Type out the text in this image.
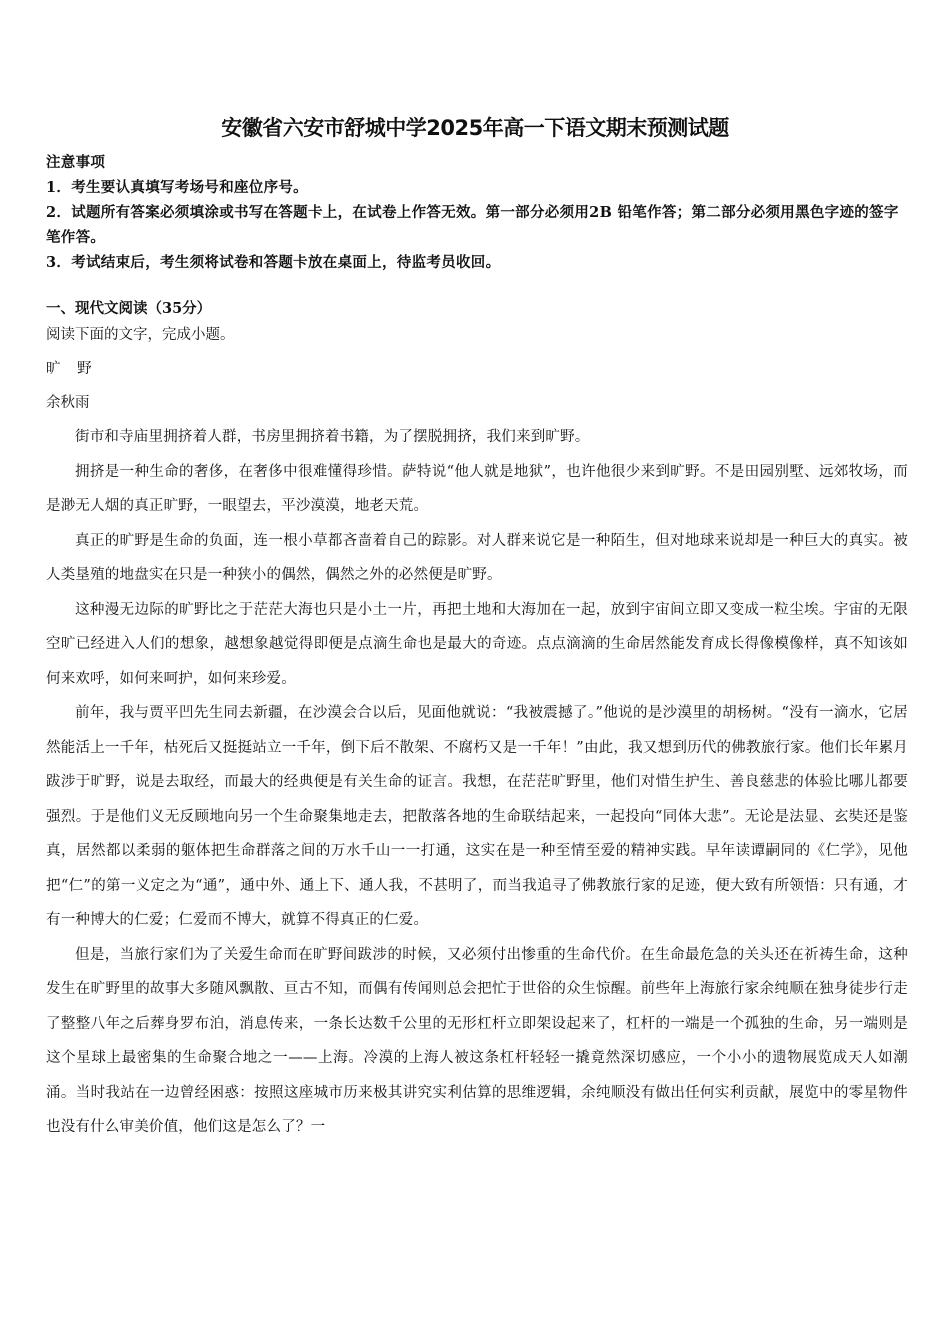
安徽省六安市舒城中学2025年高一下语文期末预测试题

注意事项

1．考生要认真填写考场号和座位序号。

2．试题所有答案必须填涂或书写在答题卡上，在试卷上作答无效。第一部分必须用2B 铅笔作答；第二部分必须用黑色字迹的签字笔作答。

3．考试结束后，考生须将试卷和答题卡放在桌面上，待监考员收回。

一、现代文阅读（35分）
阅读下面的文字，完成小题。
旷 野
余秋雨

街市和寺庙里拥挤着人群，书房里拥挤着书籍，为了摆脱拥挤，我们来到旷野。

拥挤是一种生命的奢侈，在奢侈中很难懂得珍惜。萨特说“他人就是地狱”，也许他很少来到旷野。不是田园别墅、远郊牧场，而是渺无人烟的真正旷野，一眼望去，平沙漠漠，地老天荒。

真正的旷野是生命的负面，连一根小草都吝啬着自己的踪影。对人群来说它是一种陌生，但对地球来说却是一种巨大的真实。被人类垦殖的地盘实在只是一种狭小的偶然，偶然之外的必然便是旷野。

这种漫无边际的旷野比之于茫茫大海也只是小土一片，再把土地和大海加在一起，放到宇宙间立即又变成一粒尘埃。宇宙的无限空旷已经进入人们的想象，越想象越觉得即便是点滴生命也是最大的奇迹。点点滴滴的生命居然能发育成长得像模像样，真不知该如何来欢呼，如何来呵护，如何来珍爱。

前年，我与贾平凹先生同去新疆，在沙漠会合以后，见面他就说：“我被震撼了。”他说的是沙漠里的胡杨树。“没有一滴水，它居然能活上一千年，枯死后又挺挺站立一千年，倒下后不散架、不腐朽又是一千年！”由此，我又想到历代的佛教旅行家。他们长年累月跋涉于旷野，说是去取经，而最大的经典便是有关生命的证言。我想，在茫茫旷野里，他们对惜生护生、善良慈悲的体验比哪儿都要强烈。于是他们义无反顾地向另一个生命聚集地走去，把散落各地的生命联结起来，一起投向“同体大悲”。无论是法显、玄奘还是鉴真，居然都以柔弱的躯体把生命群落之间的万水千山一一打通，这实在是一种至情至爱的精神实践。早年读谭嗣同的《仁学》，见他把“仁”的第一义定之为“通”，通中外、通上下、通人我，不甚明了，而当我追寻了佛教旅行家的足迹，便大致有所领悟：只有通，才有一种博大的仁爱；仁爱而不博大，就算不得真正的仁爱。

但是，当旅行家们为了关爱生命而在旷野间跋涉的时候，又必须付出惨重的生命代价。在生命最危急的关头还在祈祷生命，这种发生在旷野里的故事大多随风飘散、亘古不知，而偶有传闻则总会把忙于世俗的众生惊醒。前些年上海旅行家余纯顺在独身徒步行走了整整八年之后葬身罗布泊，消息传来，一条长达数千公里的无形杠杆立即架设起来了，杠杆的一端是一个孤独的生命，另一端则是这个星球上最密集的生命聚合地之一——上海。冷漠的上海人被这条杠杆轻轻一撬竟然深切感应，一个小小的遗物展览成天人如潮涌。当时我站在一边曾经困惑：按照这座城市历来极其讲究实利估算的思维逻辑，余纯顺没有做出任何实利贡献，展览中的零星物件也没有什么审美价值，他们这是怎么了？一
